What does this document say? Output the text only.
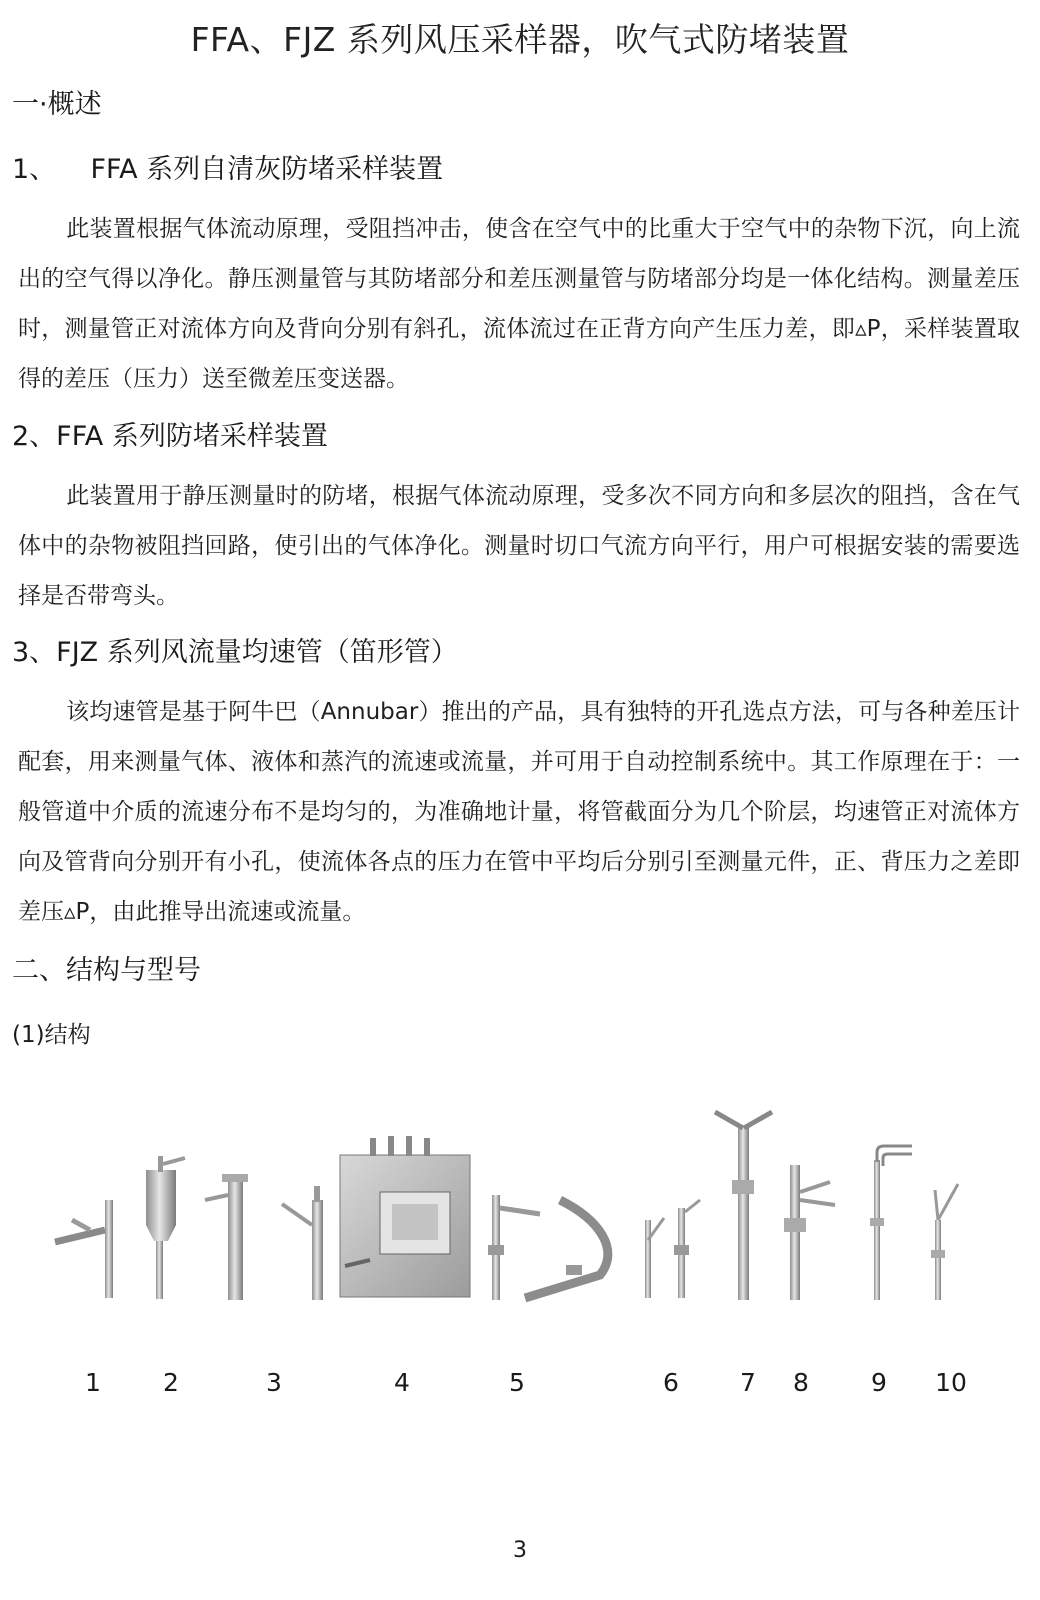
FFA、FJZ 系列风压采样器，吹气式防堵装置
一·概述
1、    FFA 系列自清灰防堵采样装置
此装置根据气体流动原理，受阻挡冲击，使含在空气中的比重大于空气中的杂物下沉，向上流出的空气得以净化。静压测量管与其防堵部分和差压测量管与防堵部分均是一体化结构。测量差压时，测量管正对流体方向及背向分别有斜孔，流体流过在正背方向产生压力差，即▵P，采样装置取得的差压（压力）送至微差压变送器。
2、FFA 系列防堵采样装置
此装置用于静压测量时的防堵，根据气体流动原理，受多次不同方向和多层次的阻挡，含在气体中的杂物被阻挡回路，使引出的气体净化。测量时切口气流方向平行，用户可根据安装的需要选择是否带弯头。
3、FJZ 系列风流量均速管（笛形管）
该均速管是基于阿牛巴（Annubar）推出的产品，具有独特的开孔选点方法，可与各种差压计配套，用来测量气体、液体和蒸汽的流速或流量，并可用于自动控制系统中。其工作原理在于：一般管道中介质的流速分布不是均匀的，为准确地计量，将管截面分为几个阶层，均速管正对流体方向及管背向分别开有小孔，使流体各点的压力在管中平均后分别引至测量元件，正、背压力之差即差压▵P，由此推导出流速或流量。
二、结构与型号
(1)结构
1 2	3	4	5	6 7 8 9 10
3
